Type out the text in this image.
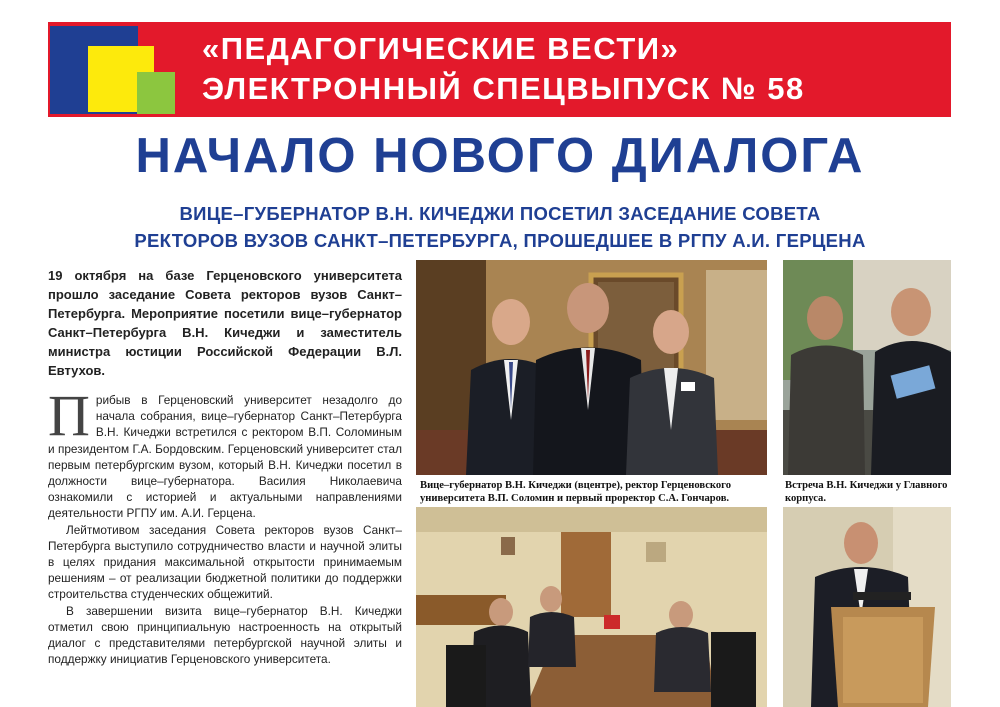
«ПЕДАГОГИЧЕСКИЕ ВЕСТИ»
ЭЛЕКТРОННЫЙ СПЕЦВЫПУСК № 58
НАЧАЛО НОВОГО ДИАЛОГА
ВИЦЕ–ГУБЕРНАТОР В.Н. КИЧЕДЖИ ПОСЕТИЛ ЗАСЕДАНИЕ СОВЕТА
РЕКТОРОВ ВУЗОВ САНКТ–ПЕТЕРБУРГА, ПРОШЕДШЕЕ В РГПУ А.И. ГЕРЦЕНА
19 октября на базе Герценовского университета прошло заседание Совета ректоров вузов Санкт–Петербурга. Мероприятие посетили вице–губернатор Санкт–Петербурга В.Н. Кичеджи и заместитель министра юстиции Российской Федерации В.Л. Евтухов.

Прибыв в Герценовский университет незадолго до начала собрания, вице–губернатор Санкт–Петербурга В.Н. Кичеджи встретился с ректором В.П. Соломиным и президентом Г.А. Бордовским. Герценовский университет стал первым петербургским вузом, который В.Н. Кичеджи посетил в должности вице–губернатора. Василия Николаевича ознакомили с историей и актуальными направлениями деятельности РГПУ им. А.И. Герцена.

Лейтмотивом заседания Совета ректоров вузов Санкт–Петербурга выступило сотрудничество власти и научной элиты в целях придания максимальной открытости принимаемым решениям – от реализации бюджетной политики до поддержки строительства студенческих общежитий.

В завершении визита вице–губернатор В.Н. Кичеджи отметил свою принципиальную настроенность на открытый диалог с представителями петербургской научной элиты и поддержку инициатив Герценовского университета.

Вице–губернатор В.Н. Кичеджи (вцентре), ректор Герценовского университета В.П. Соломин и первый проректор С.А. Гончаров.
Встреча В.Н. Кичеджи у Главного корпуса.
